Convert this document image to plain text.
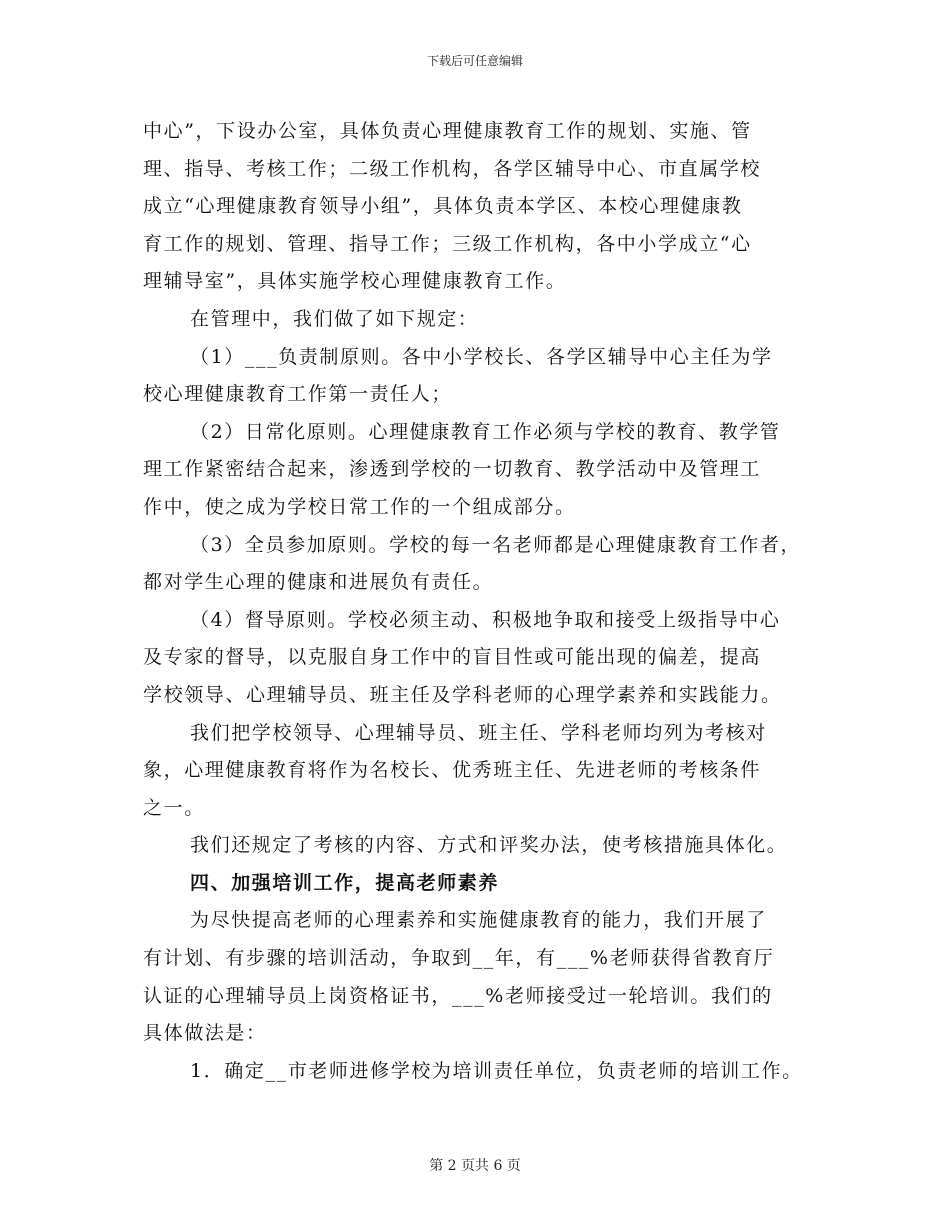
下载后可任意编辑
中心”，下设办公室，具体负责心理健康教育工作的规划、实施、管
理、指导、考核工作；二级工作机构，各学区辅导中心、市直属学校
成立“心理健康教育领导小组”，具体负责本学区、本校心理健康教
育工作的规划、管理、指导工作；三级工作机构，各中小学成立“心
理辅导室”，具体实施学校心理健康教育工作。
在管理中，我们做了如下规定：
（1）___负责制原则。各中小学校长、各学区辅导中心主任为学
校心理健康教育工作第一责任人；
（2）日常化原则。心理健康教育工作必须与学校的教育、教学管
理工作紧密结合起来，渗透到学校的一切教育、教学活动中及管理工
作中，使之成为学校日常工作的一个组成部分。
（3）全员参加原则。学校的每一名老师都是心理健康教育工作者，
都对学生心理的健康和进展负有责任。
（4）督导原则。学校必须主动、积极地争取和接受上级指导中心
及专家的督导，以克服自身工作中的盲目性或可能出现的偏差，提高
学校领导、心理辅导员、班主任及学科老师的心理学素养和实践能力。
我们把学校领导、心理辅导员、班主任、学科老师均列为考核对
象，心理健康教育将作为名校长、优秀班主任、先进老师的考核条件
之一。
我们还规定了考核的内容、方式和评奖办法，使考核措施具体化。
四、加强培训工作，提高老师素养
为尽快提高老师的心理素养和实施健康教育的能力，我们开展了
有计划、有步骤的培训活动，争取到__年，有___%老师获得省教育厅
认证的心理辅导员上岗资格证书，___%老师接受过一轮培训。我们的
具体做法是：
1．确定__市老师进修学校为培训责任单位，负责老师的培训工作。
第 2 页共 6 页
